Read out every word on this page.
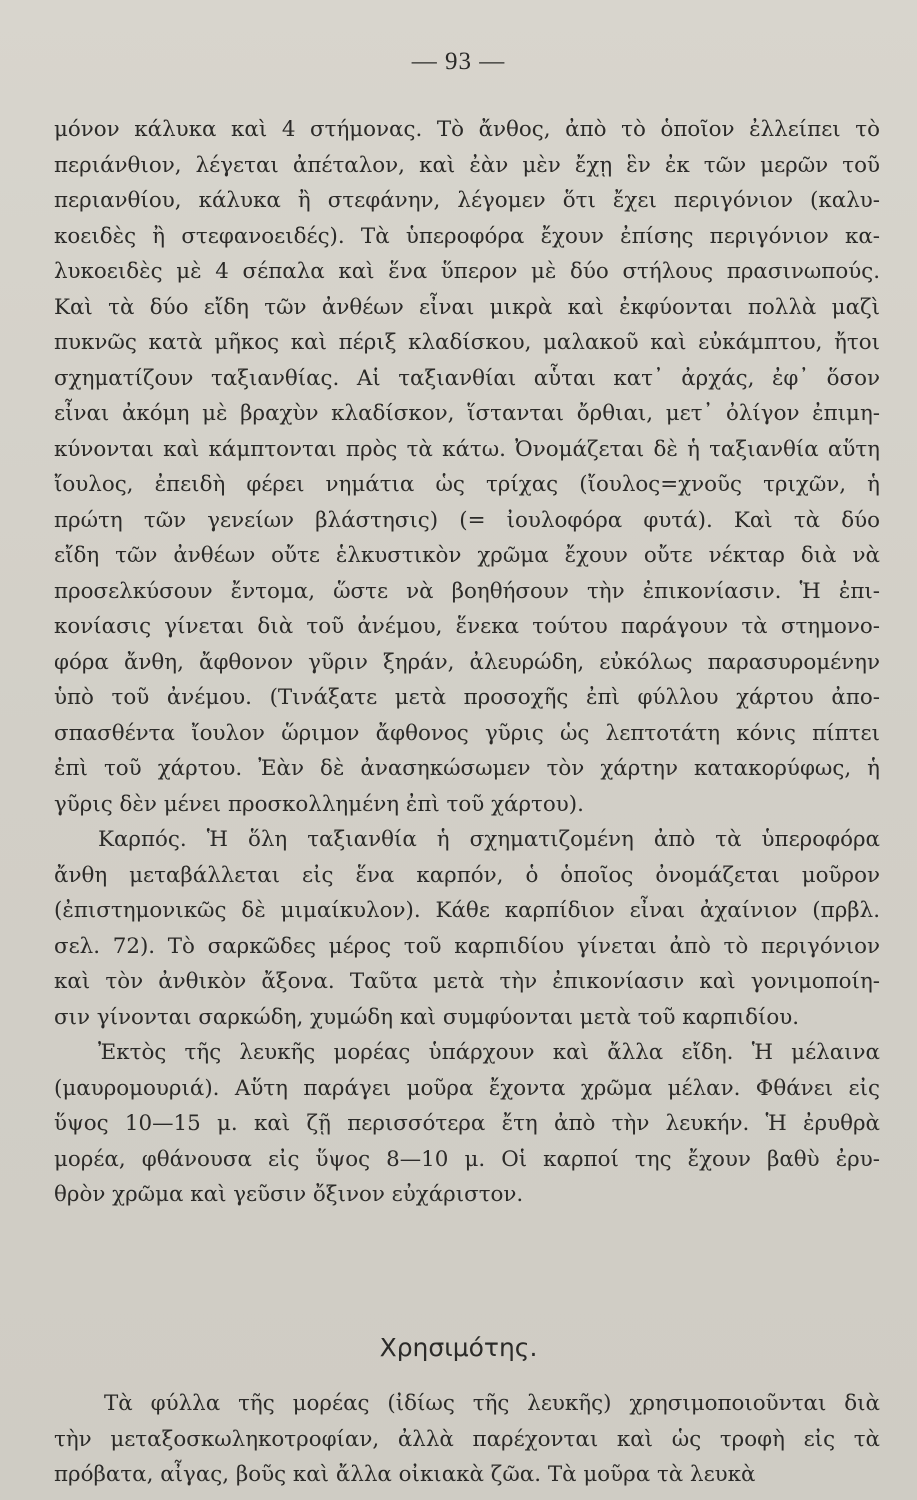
— 93 —
μόνον κάλυκα καὶ 4 στήμονας. Τὸ ἄνθος, ἀπὸ τὸ ὁποῖον ἐλλείπει τὸ
περιάνθιον, λέγεται ἀπέταλον, καὶ ἐὰν μὲν ἔχῃ ἓν ἐκ τῶν μερῶν τοῦ
περιανθίου, κάλυκα ἢ στεφάνην, λέγομεν ὅτι ἔχει περιγόνιον (καλυ-
κοειδὲς ἢ στεφανοειδές). Τὰ ὑπεροφόρα ἔχουν ἐπίσης περιγόνιον κα-
λυκοειδὲς μὲ 4 σέπαλα καὶ ἕνα ὕπερον μὲ δύο στήλους πρασινωπούς.
Καὶ τὰ δύο εἴδη τῶν ἀνθέων εἶναι μικρὰ καὶ ἐκφύονται πολλὰ μαζὶ
πυκνῶς κατὰ μῆκος καὶ πέριξ κλαδίσκου, μαλακοῦ καὶ εὐκάμπτου, ἤτοι
σχηματίζουν ταξιανθίας. Αἱ ταξιανθίαι αὗται κατ᾽ ἀρχάς, ἐφ᾽ ὅσον
εἶναι ἀκόμη μὲ βραχὺν κλαδίσκον, ἵστανται ὄρθιαι, μετ᾽ ὀλίγον ἐπιμη-
κύνονται καὶ κάμπτονται πρὸς τὰ κάτω. Ὀνομάζεται δὲ ἡ ταξιανθία αὕτη
ἴουλος, ἐπειδὴ φέρει νημάτια ὡς τρίχας (ἴουλος=χνοῦς τριχῶν, ἡ
πρώτη τῶν γενείων βλάστησις) (= ἰουλοφόρα φυτά). Καὶ τὰ δύο
εἴδη τῶν ἀνθέων οὔτε ἑλκυστικὸν χρῶμα ἔχουν οὔτε νέκταρ διὰ νὰ
προσελκύσουν ἔντομα, ὥστε νὰ βοηθήσουν τὴν ἐπικονίασιν. Ἡ ἐπι-
κονίασις γίνεται διὰ τοῦ ἀνέμου, ἕνεκα τούτου παράγουν τὰ στημονο-
φόρα ἄνθη, ἄφθονον γῦριν ξηράν, ἀλευρώδη, εὐκόλως παρασυρομένην
ὑπὸ τοῦ ἀνέμου. (Τινάξατε μετὰ προσοχῆς ἐπὶ φύλλου χάρτου ἀπο-
σπασθέντα ἴουλον ὥριμον ἄφθονος γῦρις ὡς λεπτοτάτη κόνις πίπτει
ἐπὶ τοῦ χάρτου. Ἐὰν δὲ ἀνασηκώσωμεν τὸν χάρτην κατακορύφως, ἡ
γῦρις δὲν μένει προσκολλημένη ἐπὶ τοῦ χάρτου).
Καρπός. Ἡ ὅλη ταξιανθία ἡ σχηματιζομένη ἀπὸ τὰ ὑπεροφόρα
ἄνθη μεταβάλλεται εἰς ἕνα καρπόν, ὁ ὁποῖος ὀνομάζεται μοῦρον
(ἐπιστημονικῶς δὲ μιμαίκυλον). Κάθε καρπίδιον εἶναι ἀχαίνιον (πρβλ.
σελ. 72). Τὸ σαρκῶδες μέρος τοῦ καρπιδίου γίνεται ἀπὸ τὸ περιγόνιον
καὶ τὸν ἀνθικὸν ἄξονα. Ταῦτα μετὰ τὴν ἐπικονίασιν καὶ γονιμοποίη-
σιν γίνονται σαρκώδη, χυμώδη καὶ συμφύονται μετὰ τοῦ καρπιδίου.
Ἐκτὸς τῆς λευκῆς μορέας ὑπάρχουν καὶ ἄλλα εἴδη. Ἡ μέλαινα
(μαυρομουριά). Αὕτη παράγει μοῦρα ἔχοντα χρῶμα μέλαν. Φθάνει εἰς
ὕψος 10—15 μ. καὶ ζῇ περισσότερα ἔτη ἀπὸ τὴν λευκήν. Ἡ ἐρυθρὰ
μορέα, φθάνουσα εἰς ὕψος 8—10 μ. Οἱ καρποί της ἔχουν βαθὺ ἐρυ-
θρὸν χρῶμα καὶ γεῦσιν ὄξινον εὐχάριστον.
Χρησιμότης.
Τὰ φύλλα τῆς μορέας (ἰδίως τῆς λευκῆς) χρησιμοποιοῦνται διὰ
τὴν μεταξοσκωληκοτροφίαν, ἀλλὰ παρέχονται καὶ ὡς τροφὴ εἰς τὰ
πρόβατα, αἶγας, βοῦς καὶ ἄλλα οἰκιακὰ ζῶα. Τὰ μοῦρα τὰ λευκὰ
